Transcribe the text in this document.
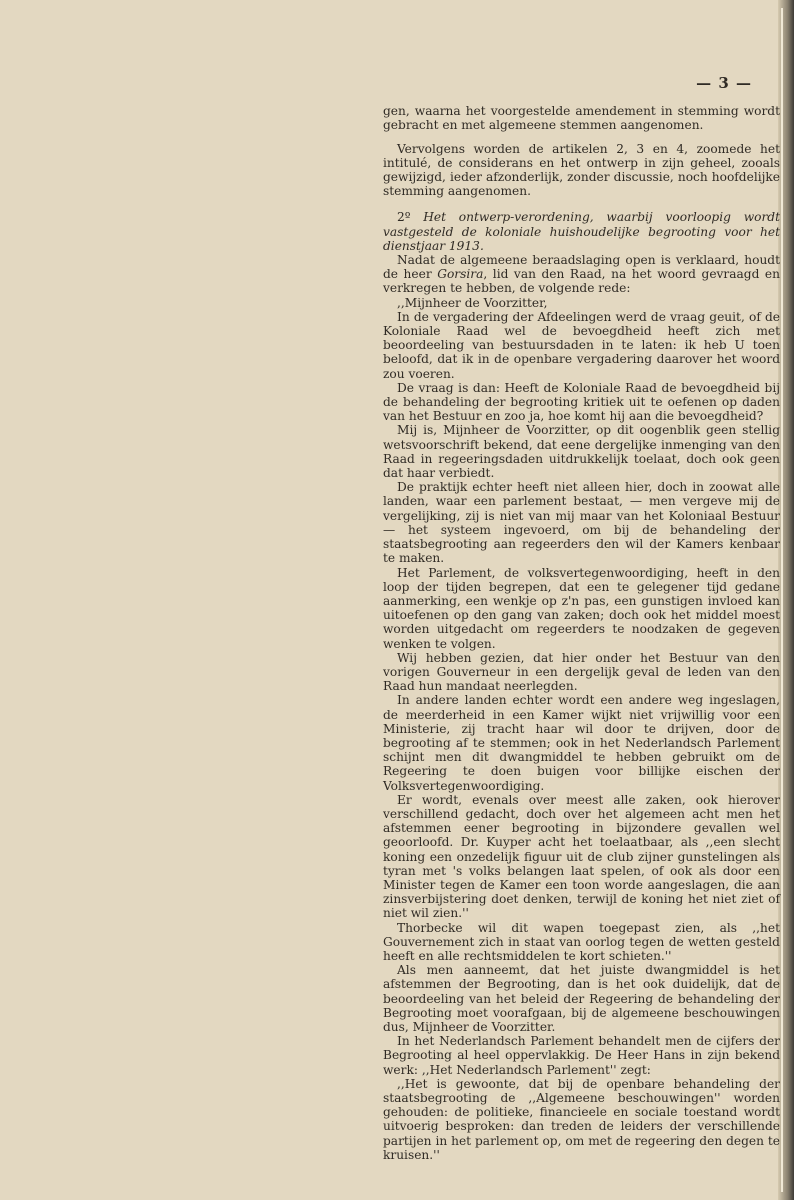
— 3 —

gen, waarna het voorgestelde amendement in stemming wordt gebracht en met algemeene stemmen aangenomen.

Vervolgens worden de artikelen 2, 3 en 4, zoomede het intitulé, de considerans en het ontwerp in zijn geheel, zooals gewijzigd, ieder afzonderlijk, zonder discussie, noch hoofdelijke stemming aangenomen.

2º Het ontwerp-verordening, waarbij voorloopig wordt vastgesteld de koloniale huishoudelijke begrooting voor het dienstjaar 1913.

Nadat de algemeene beraadslaging open is verklaard, houdt de heer Gorsira, lid van den Raad, na het woord gevraagd en verkregen te hebben, de volgende rede:

,,Mijnheer de Voorzitter,

In de vergadering der Afdeelingen werd de vraag geuit, of de Koloniale Raad wel de bevoegdheid heeft zich met beoordeeling van bestuursdaden in te laten: ik heb U toen beloofd, dat ik in de openbare vergadering daarover het woord zou voeren.

De vraag is dan: Heeft de Koloniale Raad de bevoegdheid bij de behandeling der begrooting kritiek uit te oefenen op daden van het Bestuur en zoo ja, hoe komt hij aan die bevoegdheid?

Mij is, Mijnheer de Voorzitter, op dit oogenblik geen stellig wetsvoorschrift bekend, dat eene dergelijke inmenging van den Raad in regeeringsdaden uitdrukkelijk toelaat, doch ook geen dat haar verbiedt.

De praktijk echter heeft niet alleen hier, doch in zoowat alle landen, waar een parlement bestaat, — men vergeve mij de vergelijking, zij is niet van mij maar van het Koloniaal Bestuur — het systeem ingevoerd, om bij de behandeling der staatsbegrooting aan regeerders den wil der Kamers kenbaar te maken.

Het Parlement, de volksvertegenwoordiging, heeft in den loop der tijden begrepen, dat een te gelegener tijd gedane aanmerking, een wenkje op z'n pas, een gunstigen invloed kan uitoefenen op den gang van zaken; doch ook het middel moest worden uitgedacht om regeerders te noodzaken de gegeven wenken te volgen.

Wij hebben gezien, dat hier onder het Bestuur van den vorigen Gouverneur in een dergelijk geval de leden van den Raad hun mandaat neerlegden.

In andere landen echter wordt een andere weg ingeslagen, de meerderheid in een Kamer wijkt niet vrijwillig voor een Ministerie, zij tracht haar wil door te drijven, door de begrooting af te stemmen; ook in het Nederlandsch Parlement schijnt men dit dwangmiddel te hebben gebruikt om de Regeering te doen buigen voor billijke eischen der Volksvertegenwoordiging.

Er wordt, evenals over meest alle zaken, ook hierover verschillend gedacht, doch over het algemeen acht men het afstemmen eener begrooting in bijzondere gevallen wel geoorloofd. Dr. Kuyper acht het toelaatbaar, als ,,een slecht koning een onzedelijk figuur uit de club zijner gunstelingen als tyran met 's volks belangen laat spelen, of ook als door een Minister tegen de Kamer een toon worde aangeslagen, die aan zinsverbijstering doet denken, terwijl de koning het niet ziet of niet wil zien.''

Thorbecke wil dit wapen toegepast zien, als ,,het Gouvernement zich in staat van oorlog tegen de wetten gesteld heeft en alle rechtsmiddelen te kort schieten.''

Als men aanneemt, dat het juiste dwangmiddel is het afstemmen der Begrooting, dan is het ook duidelijk, dat de beoordeeling van het beleid der Regeering de behandeling der Begrooting moet voorafgaan, bij de algemeene beschouwingen dus, Mijnheer de Voorzitter.

In het Nederlandsch Parlement behandelt men de cijfers der Begrooting al heel oppervlakkig. De Heer Hans in zijn bekend werk: ,,Het Nederlandsch Parlement'' zegt:

,,Het is gewoonte, dat bij de openbare behandeling der staatsbegrooting de ,,Algemeene beschouwingen'' worden gehouden: de politieke, financieele en sociale toestand wordt uitvoerig besproken: dan treden de leiders der verschillende partijen in het parlement op, om met de regeering den degen te kruisen.''
